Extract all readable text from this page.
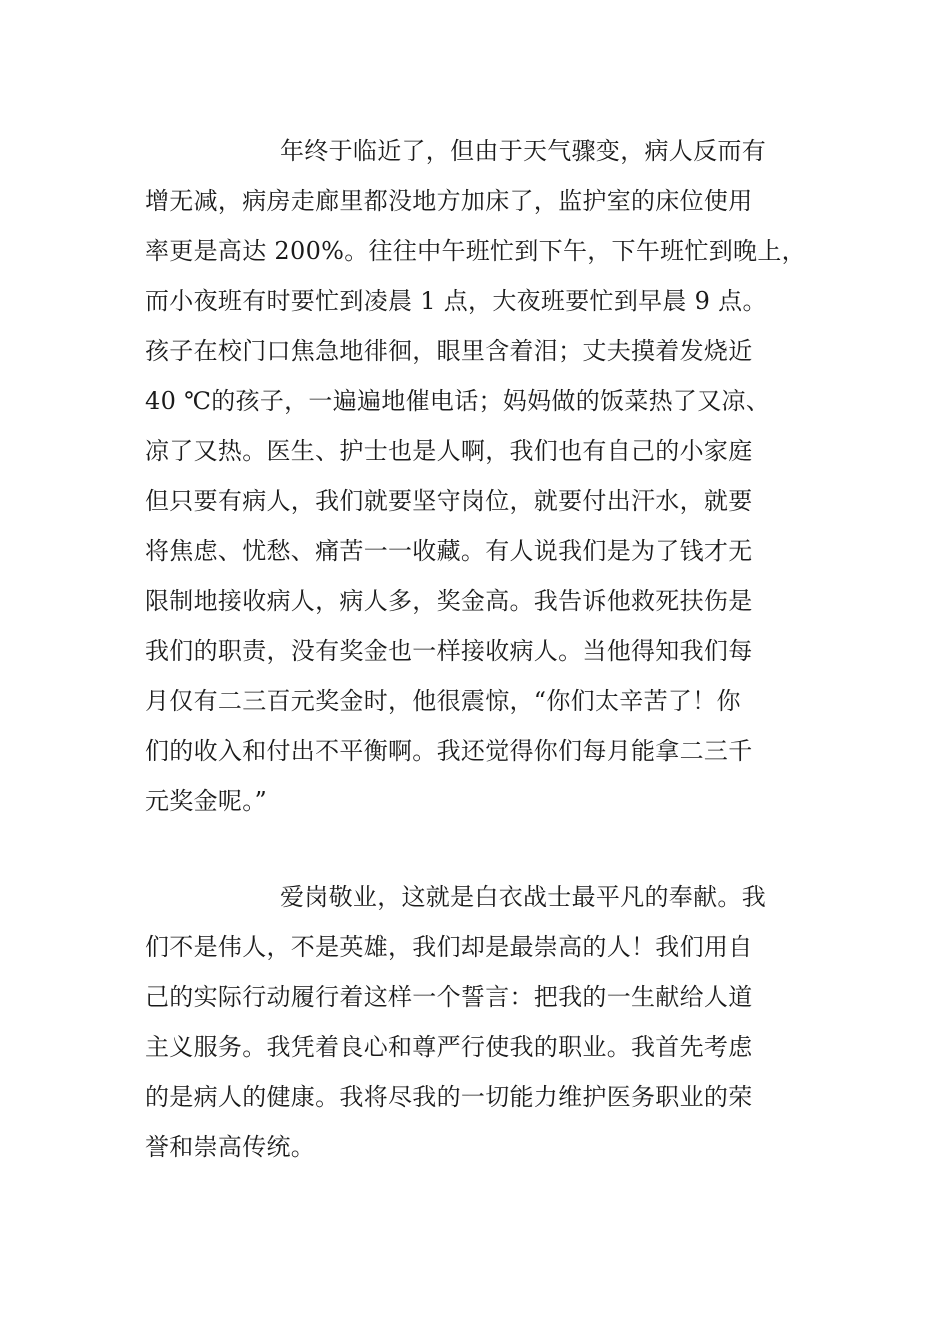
年终于临近了，但由于天气骤变，病人反而有

增无减，病房走廊里都没地方加床了，监护室的床位使用

率更是高达 200%。往往中午班忙到下午，下午班忙到晚上，

而小夜班有时要忙到凌晨 1 点，大夜班要忙到早晨 9 点。

孩子在校门口焦急地徘徊，眼里含着泪；丈夫摸着发烧近

40 ℃的孩子，一遍遍地催电话；妈妈做的饭菜热了又凉、

凉了又热。医生、护士也是人啊，我们也有自己的小家庭

但只要有病人，我们就要坚守岗位，就要付出汗水，就要

将焦虑、忧愁、痛苦一一收藏。有人说我们是为了钱才无

限制地接收病人，病人多，奖金高。我告诉他救死扶伤是

我们的职责，没有奖金也一样接收病人。当他得知我们每

月仅有二三百元奖金时，他很震惊，“你们太辛苦了！你

们的收入和付出不平衡啊。我还觉得你们每月能拿二三千

元奖金呢。”

爱岗敬业，这就是白衣战士最平凡的奉献。我

们不是伟人，不是英雄，我们却是最崇高的人！我们用自

己的实际行动履行着这样一个誓言：把我的一生献给人道

主义服务。我凭着良心和尊严行使我的职业。我首先考虑

的是病人的健康。我将尽我的一切能力维护医务职业的荣

誉和崇高传统。
